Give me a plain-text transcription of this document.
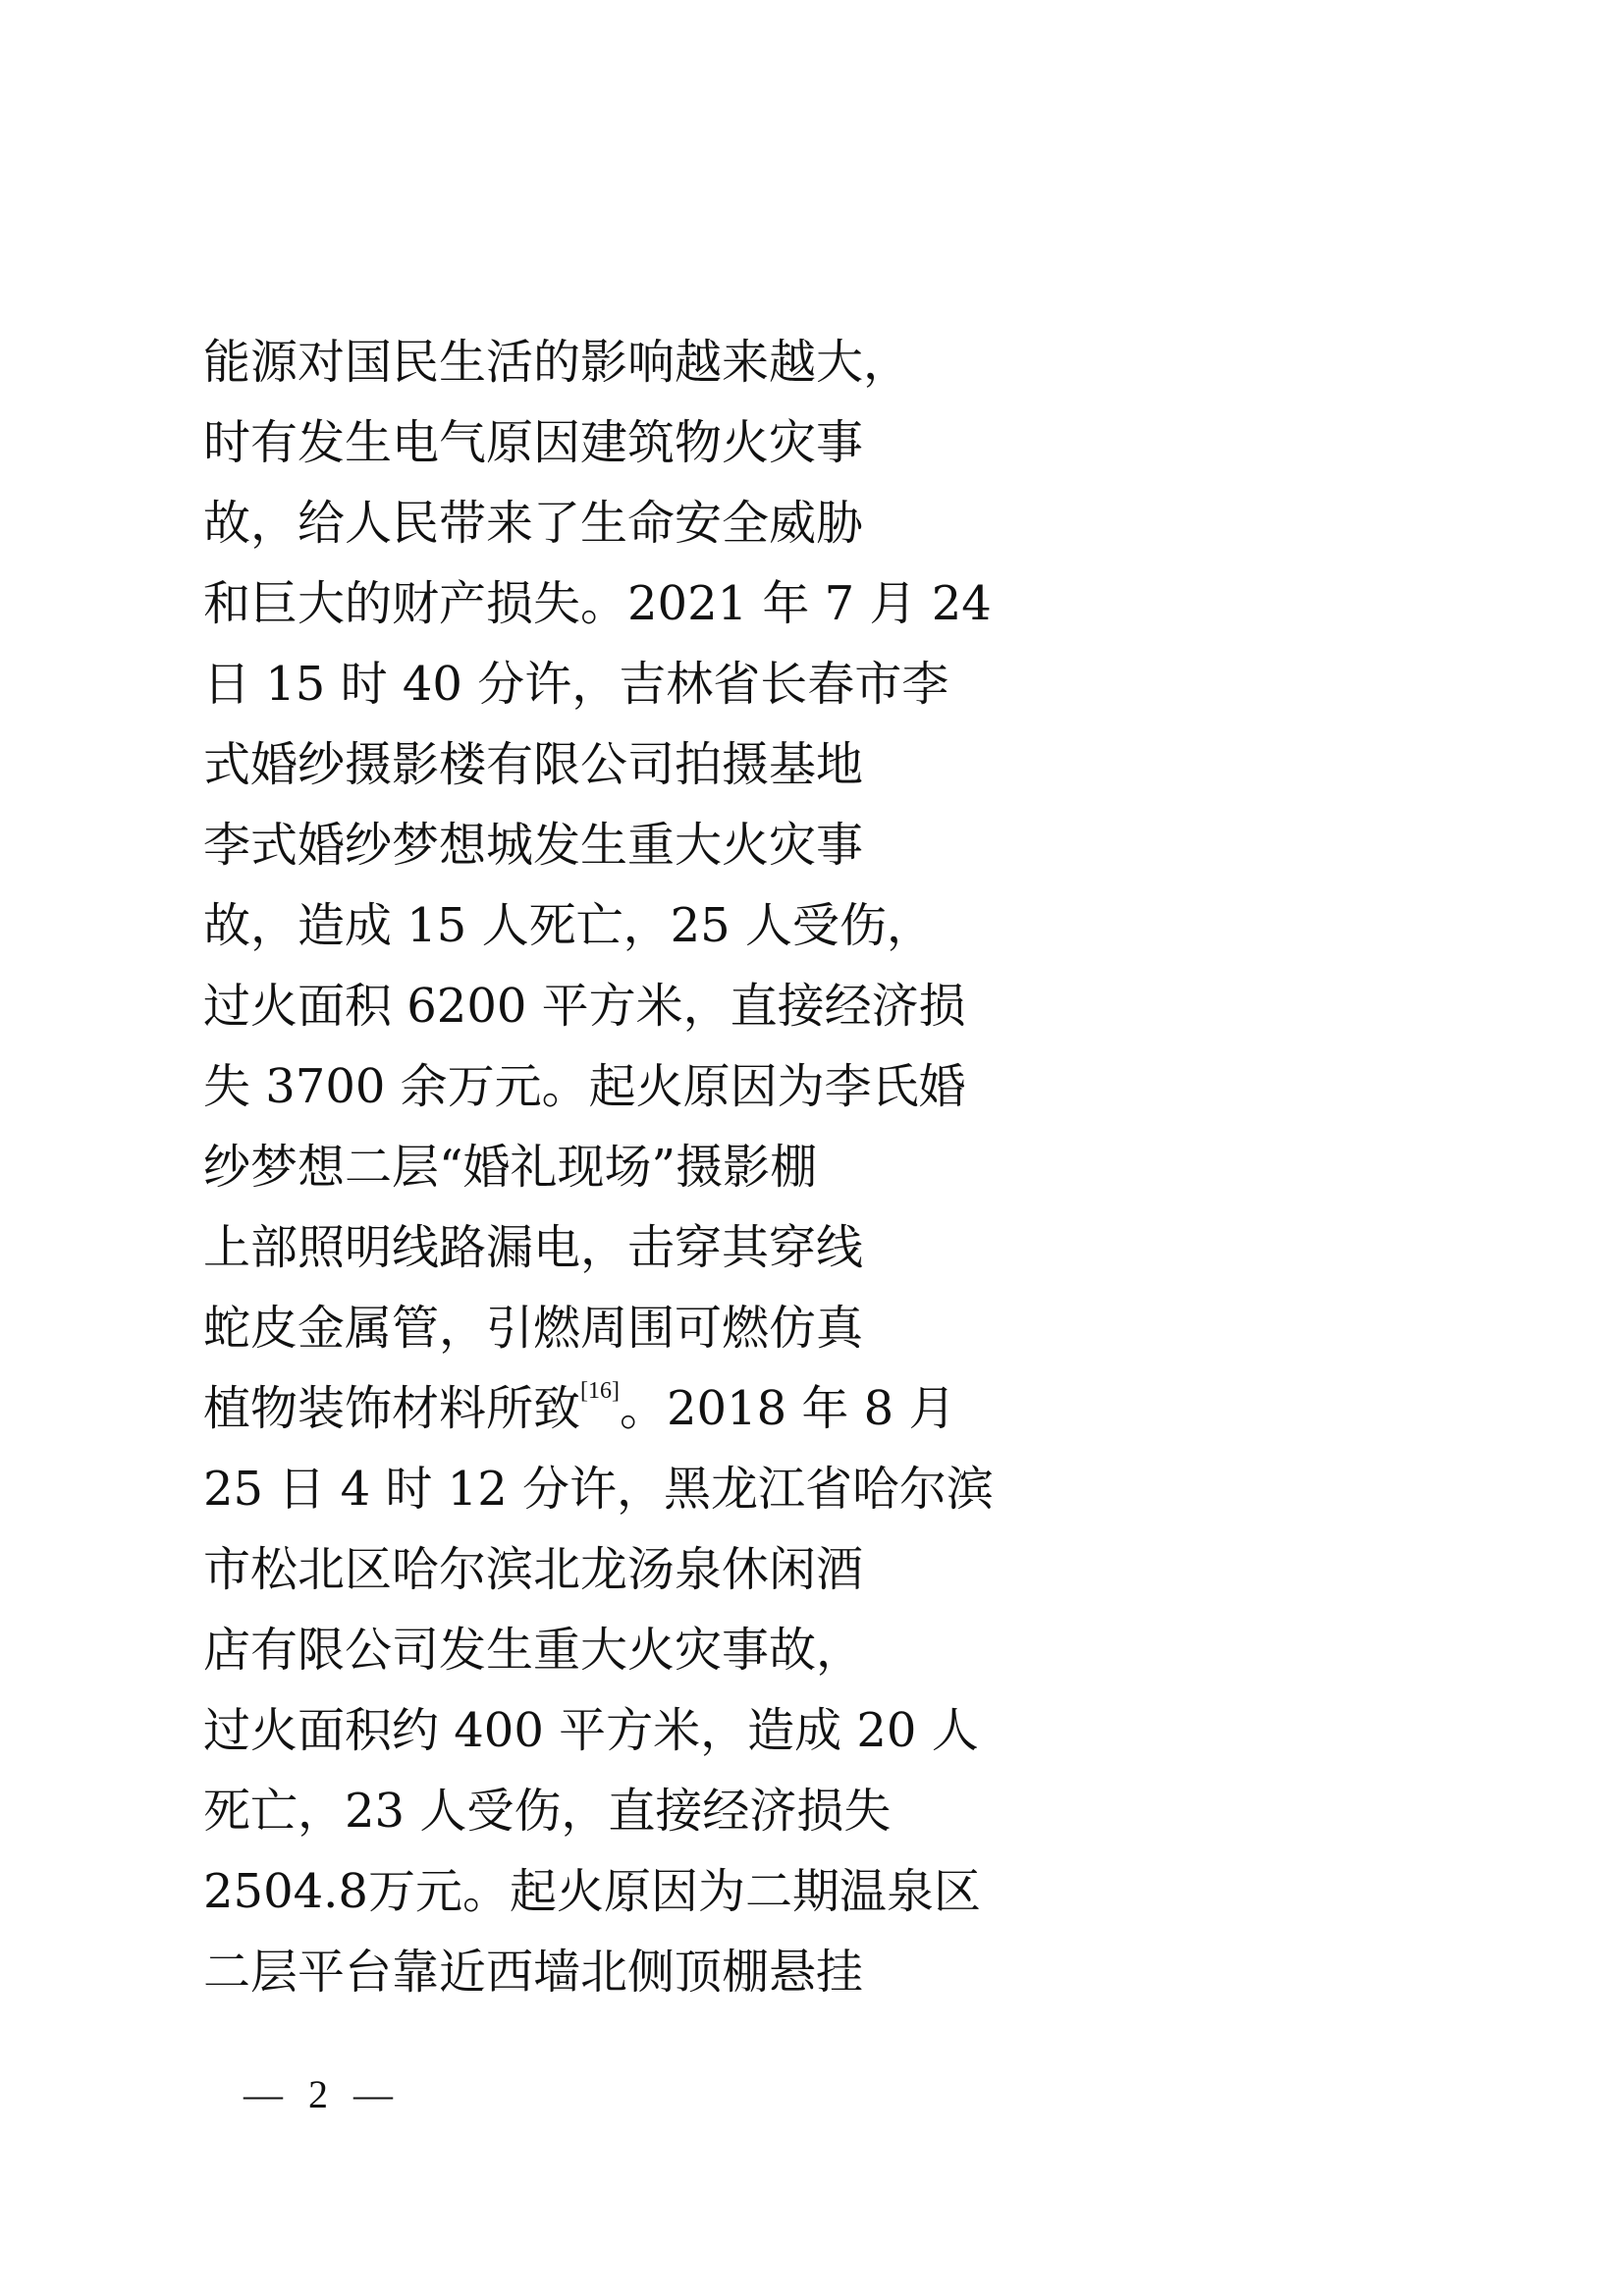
能源对国民生活的影响越来越大，
时有发生电气原因建筑物火灾事
故，给人民带来了生命安全威胁
和巨大的财产损失。2021 年 7 月 24
日 15 时 40 分许，吉林省长春市李
式婚纱摄影楼有限公司拍摄基地
李式婚纱梦想城发生重大火灾事
故，造成 15 人死亡，25 人受伤，
过火面积 6200 平方米，直接经济损
失 3700 余万元。起火原因为李氏婚
纱梦想二层“婚礼现场”摄影棚
上部照明线路漏电，击穿其穿线
蛇皮金属管，引燃周围可燃仿真
植物装饰材料所致 [16] 。2018 年 8 月
25 日 4 时 12 分许，黑龙江省哈尔滨
市松北区哈尔滨北龙汤泉休闲酒
店有限公司发生重大火灾事故，
过火面积约 400 平方米，造成 20 人
死亡，23 人受伤，直接经济损失
2504.8万元。起火原因为二期温泉区
二层平台靠近西墙北侧顶棚悬挂
— 2 —
